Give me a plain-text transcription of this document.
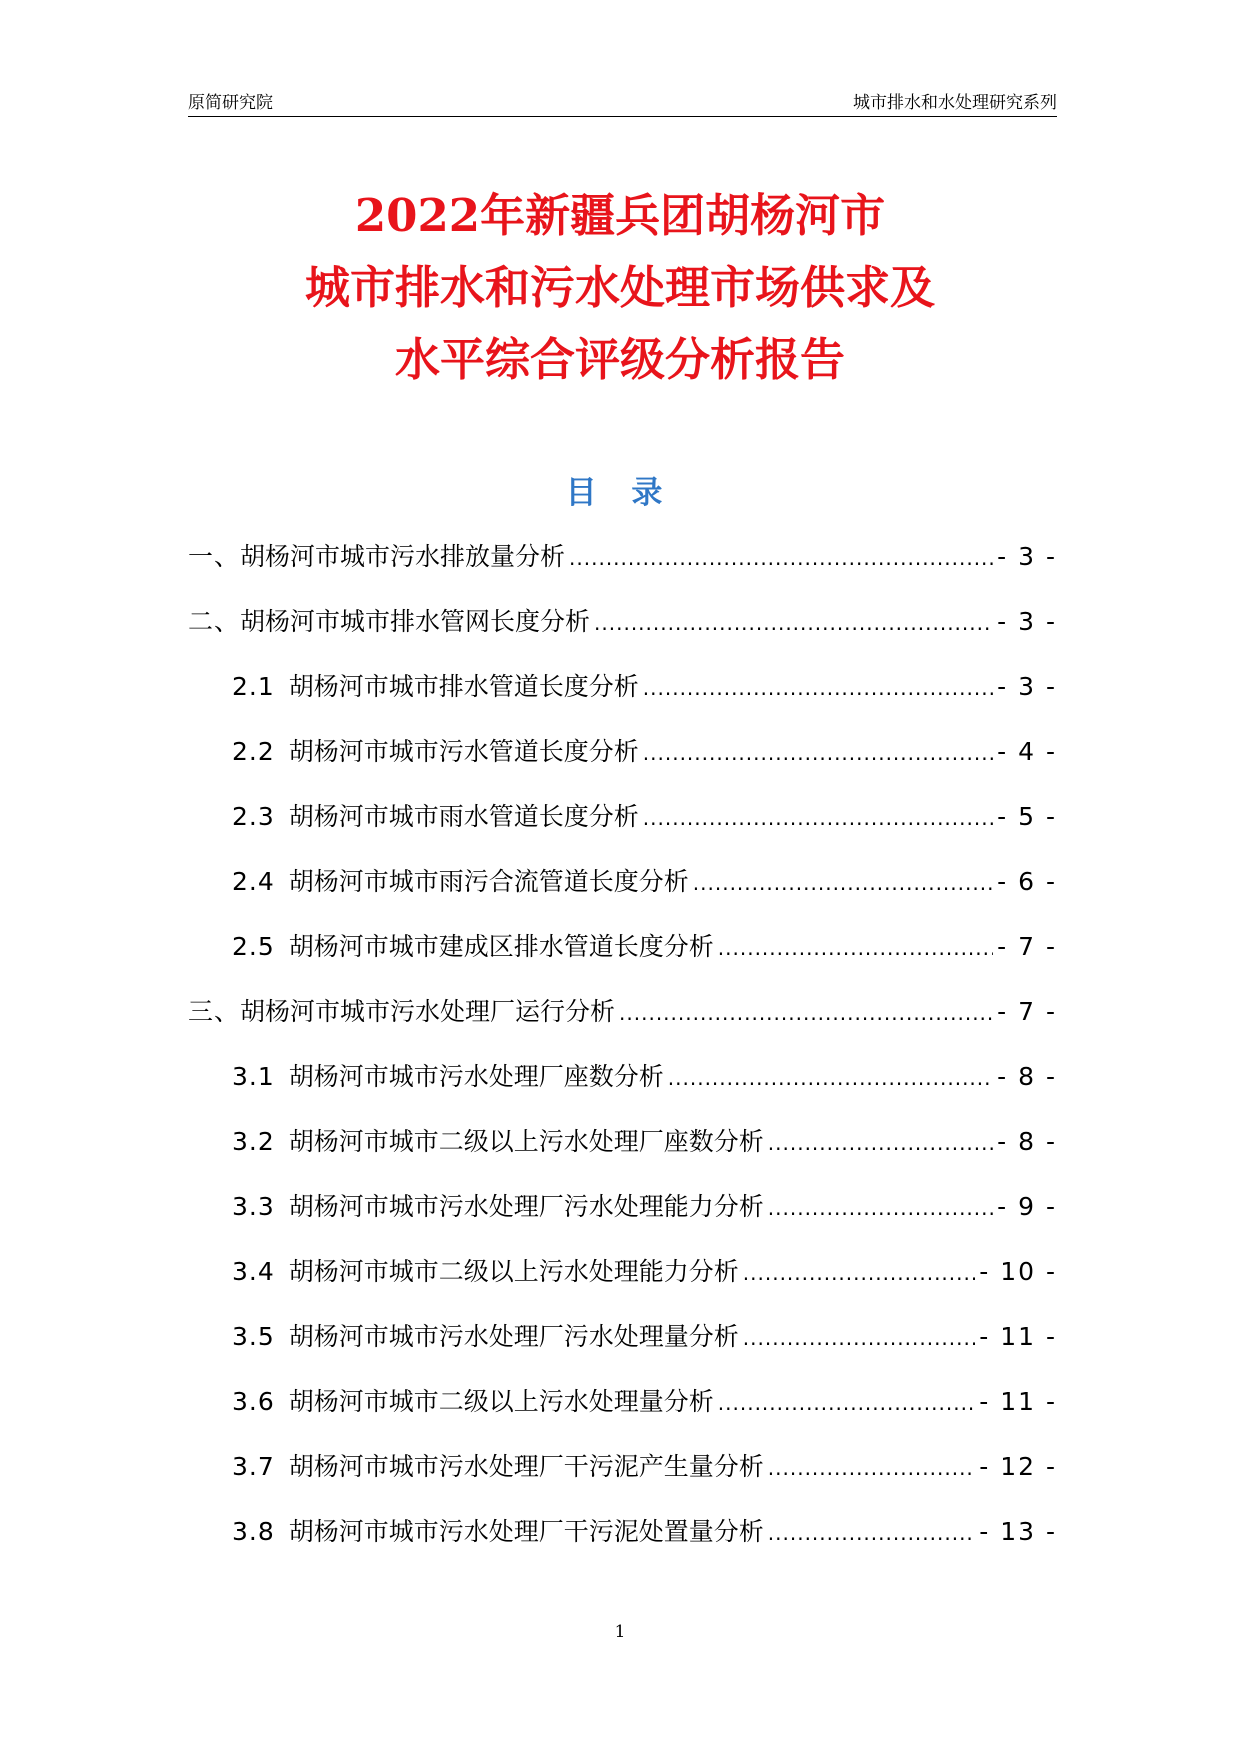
原简研究院	城市排水和水处理研究系列
2022年新疆兵团胡杨河市
城市排水和污水处理市场供求及
水平综合评级分析报告
目 录
一、 胡杨河市城市污水排放量分析 .....	- 3 -
二、 胡杨河市城市排水管网长度分析 .....	- 3 -
2.1 胡杨河市城市排水管道长度分析 .....	- 3 -
2.2 胡杨河市城市污水管道长度分析 .....	- 4 -
2.3 胡杨河市城市雨水管道长度分析 .....	- 5 -
2.4 胡杨河市城市雨污合流管道长度分析 .....	- 6 -
2.5 胡杨河市城市建成区排水管道长度分析 .....	- 7 -
三、 胡杨河市城市污水处理厂运行分析 .....	- 7 -
3.1 胡杨河市城市污水处理厂座数分析 .....	- 8 -
3.2 胡杨河市城市二级以上污水处理厂座数分析 .....	- 8 -
3.3 胡杨河市城市污水处理厂污水处理能力分析 .....	- 9 -
3.4 胡杨河市城市二级以上污水处理能力分析 .....	- 10 -
3.5 胡杨河市城市污水处理厂污水处理量分析 .....	- 11 -
3.6 胡杨河市城市二级以上污水处理量分析 .....	- 11 -
3.7 胡杨河市城市污水处理厂干污泥产生量分析 .....	- 12 -
3.8 胡杨河市城市污水处理厂干污泥处置量分析 .....	- 13 -
1
